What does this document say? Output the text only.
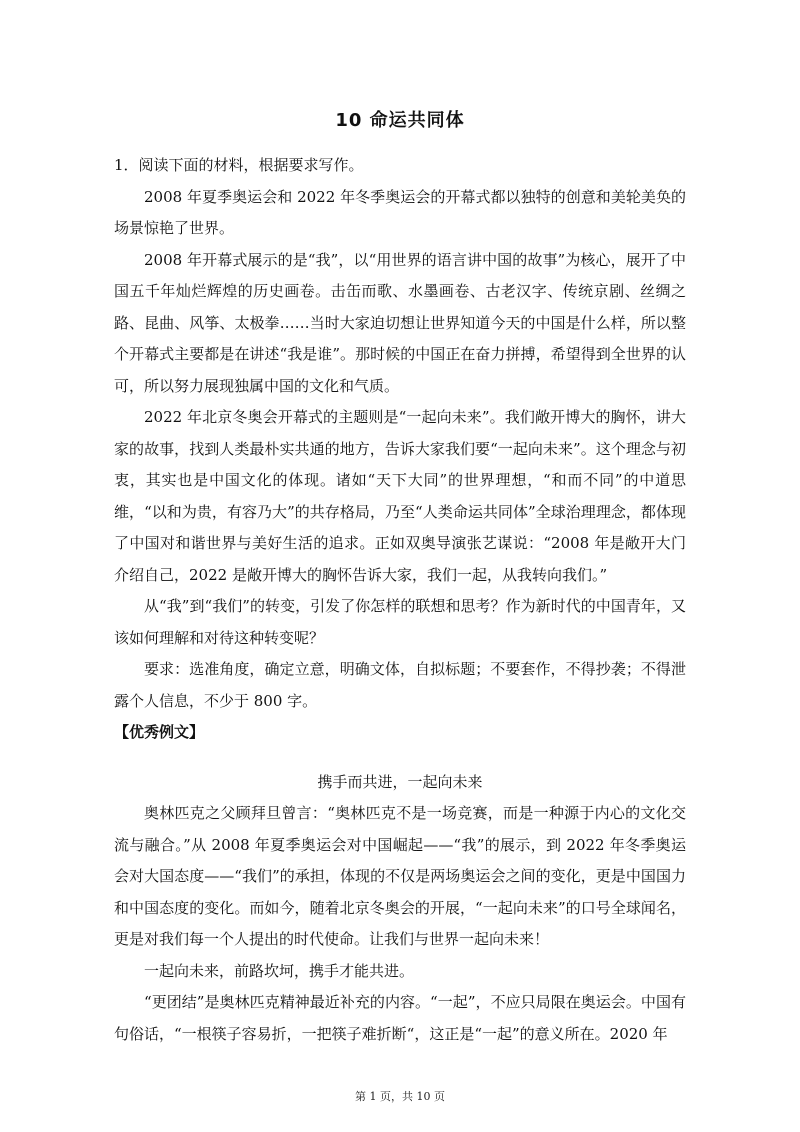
10 命运共同体

1．阅读下面的材料，根据要求写作。

2008 年夏季奥运会和 2022 年冬季奥运会的开幕式都以独特的创意和美轮美奂的场景惊艳了世界。

2008 年开幕式展示的是“我”，以“用世界的语言讲中国的故事”为核心，展开了中国五千年灿烂辉煌的历史画卷。击缶而歌、水墨画卷、古老汉字、传统京剧、丝绸之路、昆曲、风筝、太极拳……当时大家迫切想让世界知道今天的中国是什么样，所以整个开幕式主要都是在讲述“我是谁”。那时候的中国正在奋力拼搏，希望得到全世界的认可，所以努力展现独属中国的文化和气质。

2022 年北京冬奥会开幕式的主题则是“一起向未来”。我们敞开博大的胸怀，讲大家的故事，找到人类最朴实共通的地方，告诉大家我们要“一起向未来”。这个理念与初衷，其实也是中国文化的体现。诸如“天下大同”的世界理想，“和而不同”的中道思维，“以和为贵，有容乃大”的共存格局，乃至“人类命运共同体”全球治理理念，都体现了中国对和谐世界与美好生活的追求。正如双奥导演张艺谋说：“2008 年是敞开大门介绍自己，2022 是敞开博大的胸怀告诉大家，我们一起，从我转向我们。”

从“我”到“我们”的转变，引发了你怎样的联想和思考？作为新时代的中国青年，又该如何理解和对待这种转变呢？

要求：选准角度，确定立意，明确文体，自拟标题；不要套作，不得抄袭；不得泄露个人信息，不少于 800 字。

【优秀例文】

携手而共进，一起向未来

奥林匹克之父顾拜旦曾言：“奥林匹克不是一场竞赛，而是一种源于内心的文化交流与融合。”从 2008 年夏季奥运会对中国崛起——“我”的展示，到 2022 年冬季奥运会对大国态度——“我们”的承担，体现的不仅是两场奥运会之间的变化，更是中国国力和中国态度的变化。而如今，随着北京冬奥会的开展，“一起向未来”的口号全球闻名，更是对我们每一个人提出的时代使命。让我们与世界一起向未来！

一起向未来，前路坎坷，携手才能共进。

“更团结”是奥林匹克精神最近补充的内容。“一起”，不应只局限在奥运会。中国有句俗话，“一根筷子容易折，一把筷子难折断“，这正是“一起”的意义所在。2020 年

第 1 页，共 10 页
